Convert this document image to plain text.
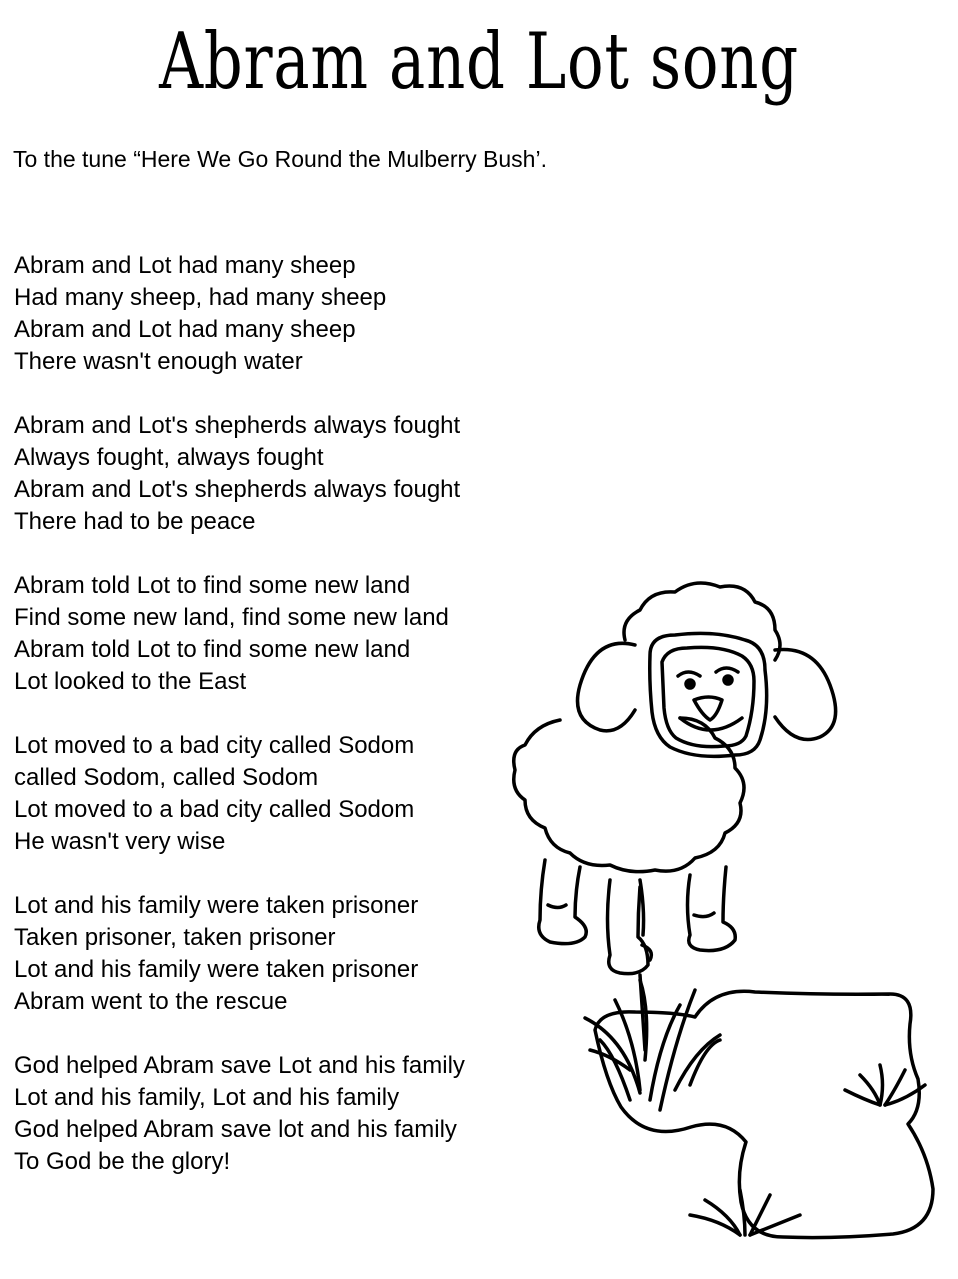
Abram and Lot song
To the tune “Here We Go Round the Mulberry Bush’.
Abram and Lot had many sheep
Had many sheep, had many sheep
Abram and Lot had many sheep
There wasn't enough water
Abram and Lot's shepherds always fought
Always fought, always fought
Abram and Lot's shepherds always fought
There had to be peace
Abram told Lot to find some new land
Find some new land, find some new land
Abram told Lot to find some new land
Lot looked to the East
Lot moved to a bad city called Sodom
called Sodom, called Sodom
Lot moved to a bad city called Sodom
He wasn't very wise
Lot and his family were taken prisoner
Taken prisoner, taken prisoner
Lot and his family were taken prisoner
Abram went to the rescue
God helped Abram save Lot and his family
Lot and his family, Lot and his family
God helped Abram save lot and his family
To God be the glory!
